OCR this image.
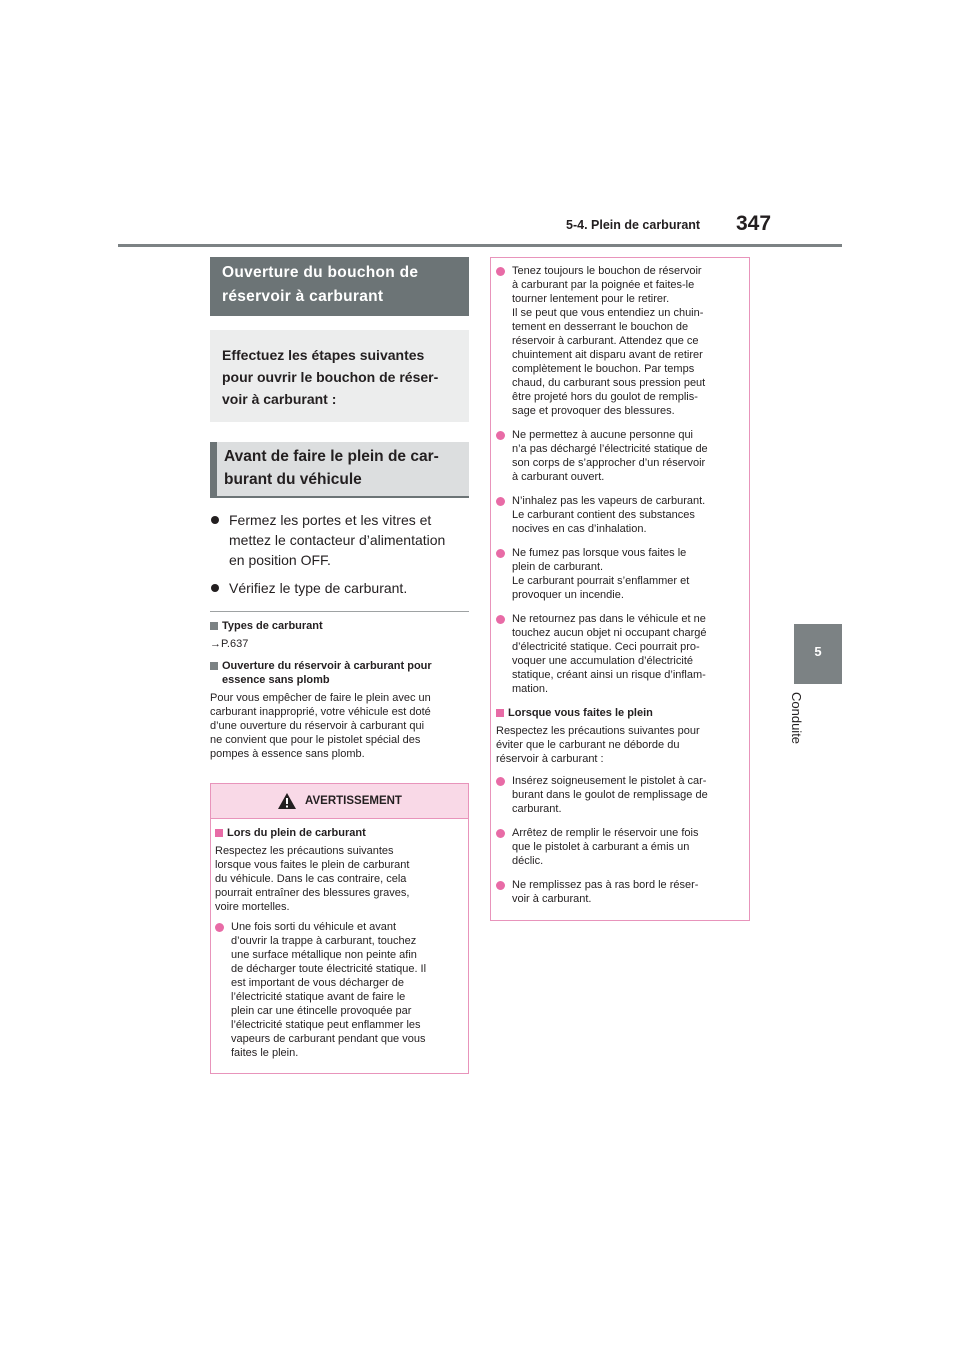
5-4. Plein de carburant 347
5
Conduite
Ouverture du bouchon de
réservoir à carburant
Effectuez les étapes suivantes
pour ouvrir le bouchon de réser-
voir à carburant :
Avant de faire le plein de car-
burant du véhicule
Fermez les portes et les vitres et
mettez le contacteur d’alimentation
en position OFF.
Vérifiez le type de carburant.
Types de carburant
→P.637
Ouverture du réservoir à carburant pour
essence sans plomb
Pour vous empêcher de faire le plein avec un
carburant inapproprié, votre véhicule est doté
d’une ouverture du réservoir à carburant qui
ne convient que pour le pistolet spécial des
pompes à essence sans plomb.
AVERTISSEMENT
Lors du plein de carburant
Respectez les précautions suivantes
lorsque vous faites le plein de carburant
du véhicule. Dans le cas contraire, cela
pourrait entraîner des blessures graves,
voire mortelles.
Une fois sorti du véhicule et avant
d’ouvrir la trappe à carburant, touchez
une surface métallique non peinte afin
de décharger toute électricité statique. Il
est important de vous décharger de
l’électricité statique avant de faire le
plein car une étincelle provoquée par
l’électricité statique peut enflammer les
vapeurs de carburant pendant que vous
faites le plein.
Tenez toujours le bouchon de réservoir
à carburant par la poignée et faites-le
tourner lentement pour le retirer.
Il se peut que vous entendiez un chuin-
tement en desserrant le bouchon de
réservoir à carburant. Attendez que ce
chuintement ait disparu avant de retirer
complètement le bouchon. Par temps
chaud, du carburant sous pression peut
être projeté hors du goulot de remplis-
sage et provoquer des blessures.
Ne permettez à aucune personne qui
n’a pas déchargé l’électricité statique de
son corps de s’approcher d’un réservoir
à carburant ouvert.
N’inhalez pas les vapeurs de carburant.
Le carburant contient des substances
nocives en cas d’inhalation.
Ne fumez pas lorsque vous faites le
plein de carburant.
Le carburant pourrait s’enflammer et
provoquer un incendie.
Ne retournez pas dans le véhicule et ne
touchez aucun objet ni occupant chargé
d’électricité statique. Ceci pourrait pro-
voquer une accumulation d’électricité
statique, créant ainsi un risque d’inflam-
mation.
Lorsque vous faites le plein
Respectez les précautions suivantes pour
éviter que le carburant ne déborde du
réservoir à carburant :
Insérez soigneusement le pistolet à car-
burant dans le goulot de remplissage de
carburant.
Arrêtez de remplir le réservoir une fois
que le pistolet à carburant a émis un
déclic.
Ne remplissez pas à ras bord le réser-
voir à carburant.
